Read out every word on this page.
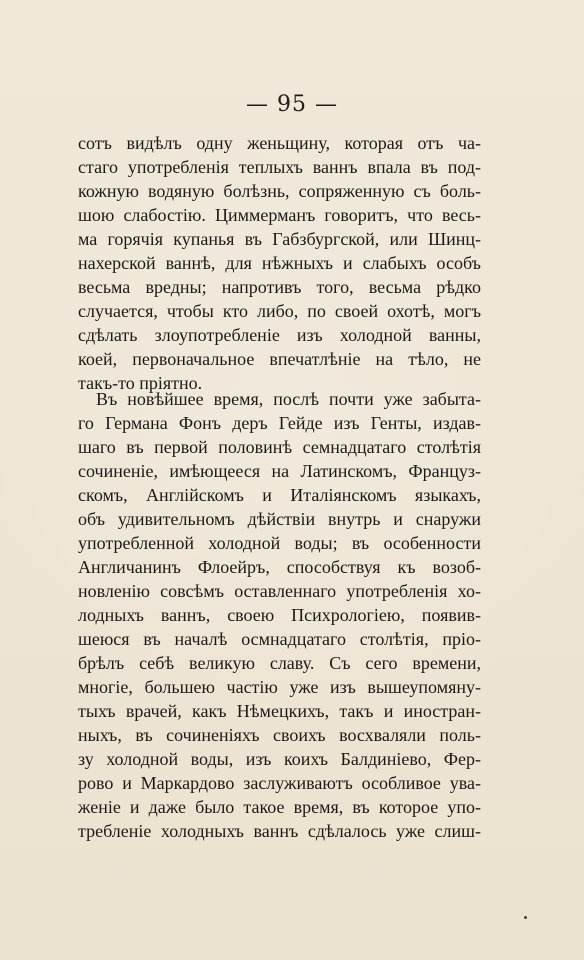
— 95 —
сотъ видѣлъ одну женьщину, которая отъ ча-
стаго употребленія теплыхъ ваннъ впала въ под-
кожную водяную болѣзнь, сопряженную съ боль-
шою слабостію. Циммерманъ говоритъ, что весь-
ма горячія купанья въ Габзбургской, или Шинц-
нахерской ваннѣ, для нѣжныхъ и слабыхъ особъ
весьма вредны; напротивъ того, весьма рѣдко
случается, чтобы кто либо, по своей охотѣ, могъ
сдѣлать злоупотребленіе изъ холодной ванны,
коей, первоначальное впечатлѣніе на тѣло, не
такъ-то пріятно.
Въ новѣйшее время, послѣ почти уже забыта-
го Германа Фонъ деръ Гейде изъ Генты, издав-
шаго въ первой половинѣ семнадцатаго столѣтія
сочиненіе, имѣющееся на Латинскомъ, Француз-
скомъ, Англійскомъ и Италіянскомъ языкахъ,
объ удивительномъ дѣйствіи внутрь и снаружи
употребленной холодной воды; въ особенности
Англичанинъ Флоейръ, способствуя къ возоб-
новленію совсѣмъ оставленнаго употребленія хо-
лодныхъ ваннъ, своею Психрологіею, появив-
шеюся въ началѣ осмнадцатаго столѣтія, пріо-
брѣлъ себѣ великую славу. Съ сего времени,
многіе, большею частію уже изъ вышеупомяну-
тыхъ врачей, какъ Нѣмецкихъ, такъ и иностран-
ныхъ, въ сочиненіяхъ своихъ восхваляли поль-
зу холодной воды, изъ коихъ Балдиніево, Фер-
рово и Маркардово заслуживаютъ особливое ува-
женіе и даже было такое время, въ которое упо-
требленіе холодныхъ ваннъ сдѣлалось уже слиш-
